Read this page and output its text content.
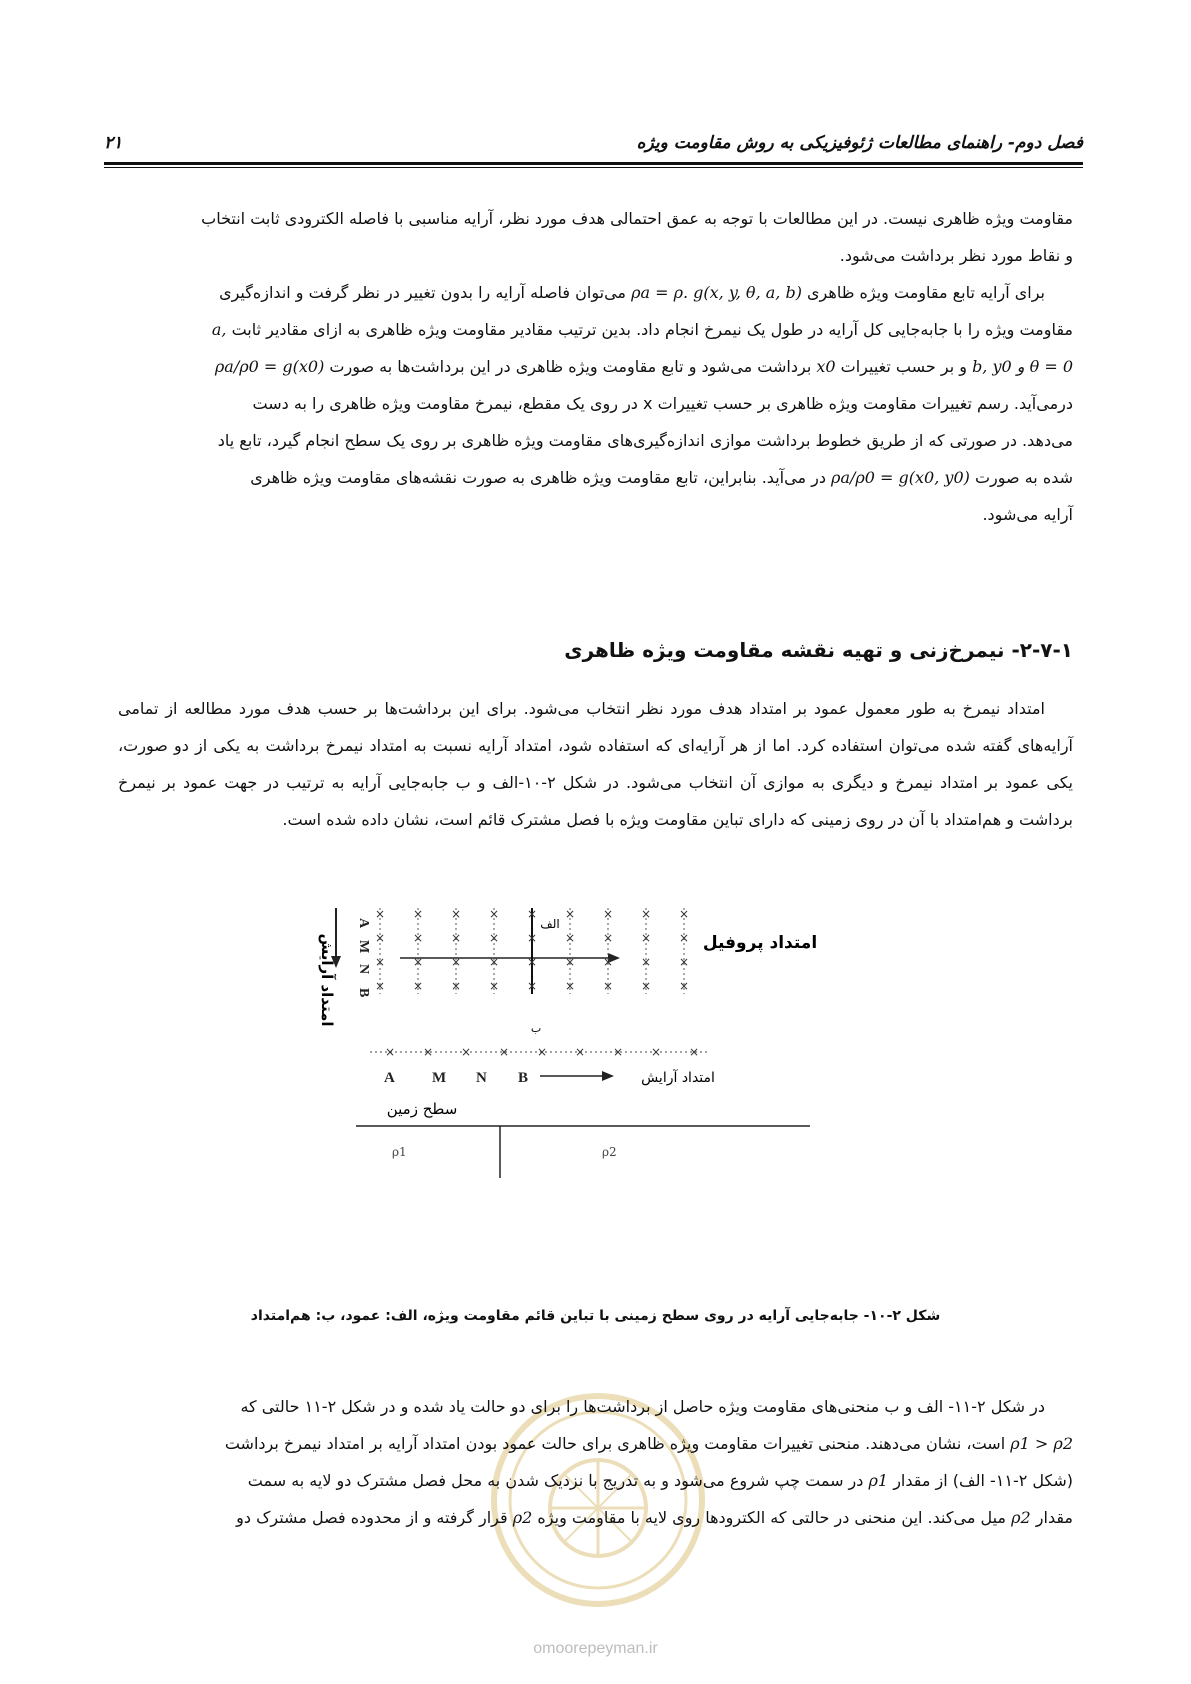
۲۱	فصل دوم- راهنمای مطالعات ژئوفیزیکی به روش مقاومت ویژه

مقاومت ویژه ظاهری نیست. در این مطالعات با توجه به عمق احتمالی هدف مورد نظر، آرایه مناسبی با فاصله الکترودی ثابت انتخاب

و نقاط مورد نظر برداشت می‌شود.

برای آرایه تابع مقاومت ویژه ظاهری ρa = ρ. g(x, y, θ, a, b) می‌توان فاصله آرایه را بدون تغییر در نظر گرفت و اندازه‌گیری

مقاومت ویژه را با جابه‌جایی کل آرایه در طول یک نیمرخ انجام داد. بدین ترتیب مقادیر مقاومت ویژه ظاهری به ازای مقادیر ثابت a,

b, y0 و θ = 0 و بر حسب تغییرات x0 برداشت می‌شود و تابع مقاومت ویژه ظاهری در این برداشت‌ها به صورت ρa/ρ0 = g(x0)

درمی‌آید. رسم تغییرات مقاومت ویژه ظاهری بر حسب تغییرات x در روی یک مقطع، نیمرخ مقاومت ویژه ظاهری را به دست

می‌دهد. در صورتی که از طریق خطوط برداشت موازی اندازه‌گیری‌های مقاومت ویژه ظاهری بر روی یک سطح انجام گیرد، تابع یاد

شده به صورت ρa/ρ0 = g(x0, y0) در می‌آید. بنابراین، تابع مقاومت ویژه ظاهری به صورت نقشه‌های مقاومت ویژه ظاهری

آرایه می‌شود.

۲-۷-۱- نیمرخ‌زنی و تهیه نقشه مقاومت ویژه ظاهری
امتداد نیمرخ به طور معمول عمود بر امتداد هدف مورد نظر انتخاب می‌شود. برای این برداشت‌ها بر حسب هدف مورد مطالعه از تمامی آرایه‌های گفته شده می‌توان استفاده کرد. اما از هر آرایه‌ای که استفاده شود، امتداد آرایه نسبت به امتداد نیمرخ برداشت به یکی از دو صورت، یکی عمود بر امتداد نیمرخ و دیگری به موازی آن انتخاب می‌شود. در شکل ۲-۱۰-الف و ب جابه‌جایی آرایه به ترتیب در جهت عمود بر نیمرخ برداشت و هم‌امتداد با آن در روی زمینی که دارای تباین مقاومت ویژه با فصل مشترک قائم است، نشان داده شده است.
الف
امتداد پروفیل
امتداد آرایش
A
M
N
B
×
×
×
×
×
×
×
×
×
×
×
×
×
×
×
×
×
×
×
×
×
×
×
×
×
×
×
×
×
×
×
×
×
×
×
×
ب
× × × × × × × × ×
A M N B	امتداد آرایش
سطح زمین
ρ1	ρ2
شکل ۲-۱۰- جابه‌جایی آرایه در روی سطح زمینی با تباین قائم مقاومت ویژه، الف: عمود، ب: هم‌امتداد

در شکل ۲-۱۱- الف و ب منحنی‌های مقاومت ویژه حاصل از برداشت‌ها را برای دو حالت یاد شده و در شکل ۲-۱۱ حالتی که

ρ1 > ρ2 است، نشان می‌دهند. منحنی تغییرات مقاومت ویژه ظاهری برای حالت عمود بودن امتداد آرایه بر امتداد نیمرخ برداشت

(شکل ۲-۱۱- الف) از مقدار ρ1 در سمت چپ شروع می‌شود و به تدریج با نزدیک شدن به محل فصل مشترک دو لایه به سمت

مقدار ρ2 میل می‌کند. این منحنی در حالتی که الکترودها روی لایه با مقاومت ویژه ρ2 قرار گرفته و از محدوده فصل مشترک دو

omoorepeyman.ir
